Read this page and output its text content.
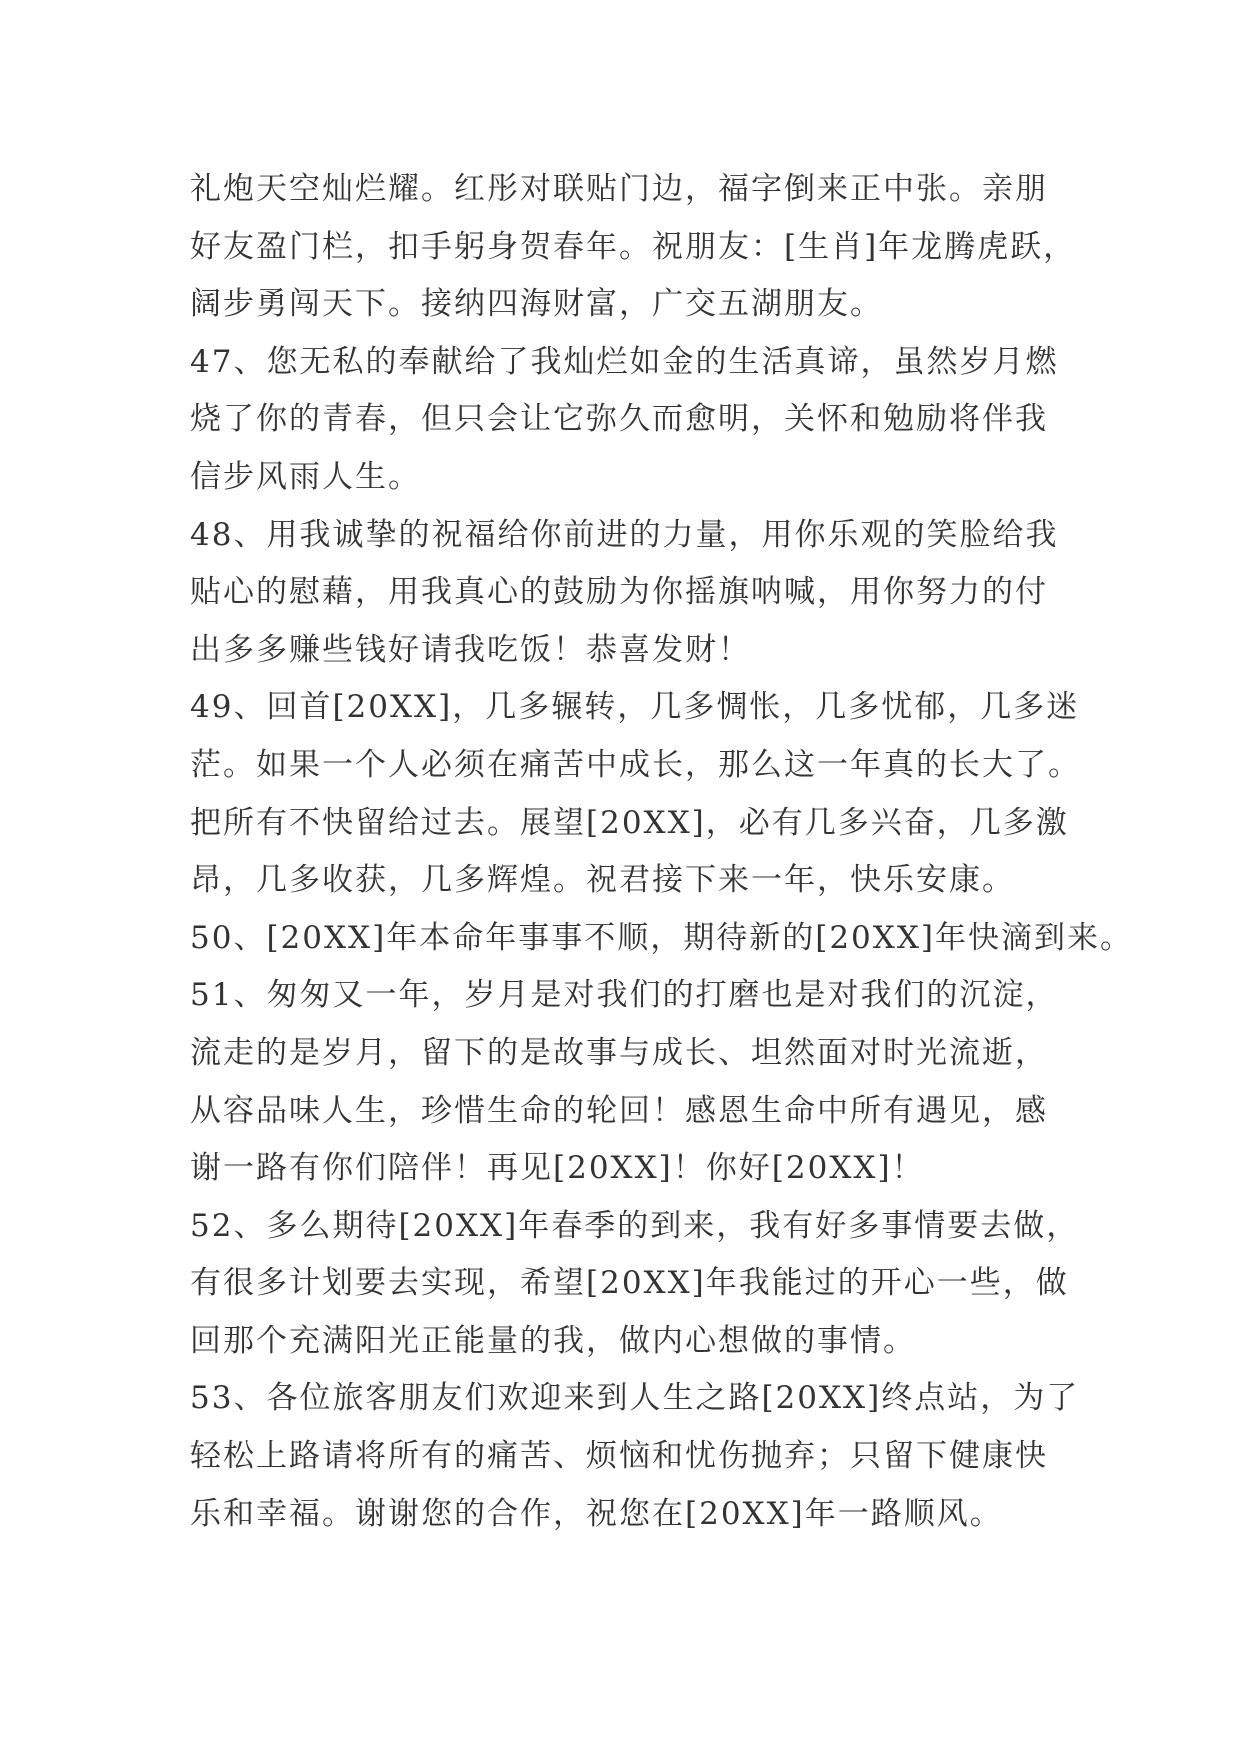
礼炮天空灿烂耀。红彤对联贴门边，福字倒来正中张。亲朋
好友盈门栏，扣手躬身贺春年。祝朋友：[生肖]年龙腾虎跃，
阔步勇闯天下。接纳四海财富，广交五湖朋友。
47、您无私的奉献给了我灿烂如金的生活真谛，虽然岁月燃
烧了你的青春，但只会让它弥久而愈明，关怀和勉励将伴我
信步风雨人生。
48、用我诚挚的祝福给你前进的力量，用你乐观的笑脸给我
贴心的慰藉，用我真心的鼓励为你摇旗呐喊，用你努力的付
出多多赚些钱好请我吃饭！恭喜发财！
49、回首[20XX]，几多辗转，几多惆怅，几多忧郁，几多迷
茫。如果一个人必须在痛苦中成长，那么这一年真的长大了。
把所有不快留给过去。展望[20XX]，必有几多兴奋，几多激
昂，几多收获，几多辉煌。祝君接下来一年，快乐安康。
50、[20XX]年本命年事事不顺，期待新的[20XX]年快滴到来。
51、匆匆又一年，岁月是对我们的打磨也是对我们的沉淀，
流走的是岁月，留下的是故事与成长、坦然面对时光流逝，
从容品味人生，珍惜生命的轮回！感恩生命中所有遇见，感
谢一路有你们陪伴！再见[20XX]！你好[20XX]！
52、多么期待[20XX]年春季的到来，我有好多事情要去做，
有很多计划要去实现，希望[20XX]年我能过的开心一些，做
回那个充满阳光正能量的我，做内心想做的事情。
53、各位旅客朋友们欢迎来到人生之路[20XX]终点站，为了
轻松上路请将所有的痛苦、烦恼和忧伤抛弃；只留下健康快
乐和幸福。谢谢您的合作，祝您在[20XX]年一路顺风。
